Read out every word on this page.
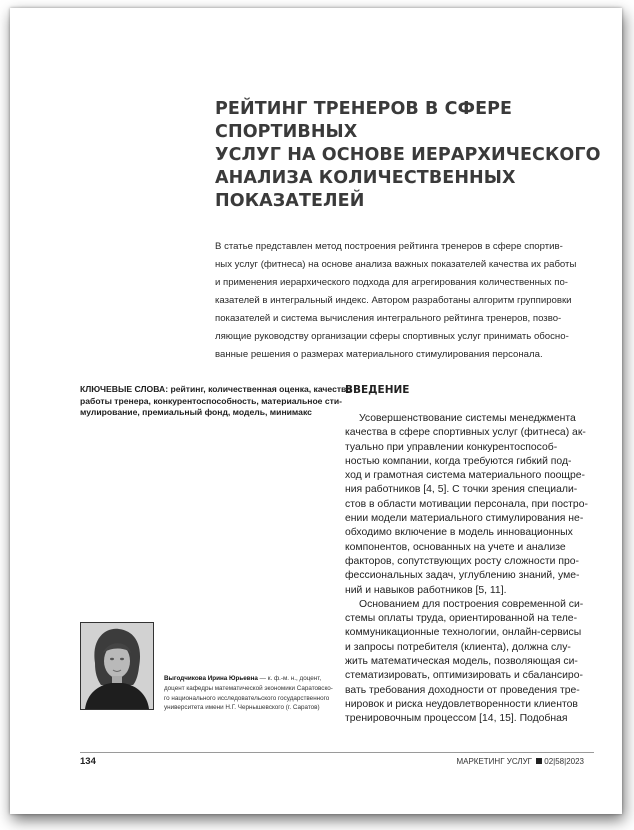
РЕЙТИНГ ТРЕНЕРОВ В СФЕРЕ СПОРТИВНЫХ
УСЛУГ НА ОСНОВЕ ИЕРАРХИЧЕСКОГО
АНАЛИЗА КОЛИЧЕСТВЕННЫХ ПОКАЗАТЕЛЕЙ

В статье представлен метод построения рейтинга тренеров в сфере спортив-
ных услуг (фитнеса) на основе анализа важных показателей качества их работы
и применения иерархического подхода для агрегирования количественных по-
казателей в интегральный индекс. Автором разработаны алгоритм группировки
показателей и система вычисления интегрального рейтинга тренеров, позво-
ляющие руководству организации сферы спортивных услуг принимать обосно-
ванные решения о размерах материального стимулирования персонала.

КЛЮЧЕВЫЕ СЛОВА: рейтинг, количественная оценка, качество
работы тренера, конкурентоспособность, материальное сти-
мулирование, премиальный фонд, модель, минимакс

ВВЕДЕНИЕ
Усовершенствование системы менеджмента
качества в сфере спортивных услуг (фитнеса) ак-
туально при управлении конкурентоспособ-
ностью компании, когда требуются гибкий под-
ход и грамотная система материального поощре-
ния работников [4, 5]. С точки зрения специали-
стов в области мотивации персонала, при постро-
ении модели материального стимулирования не-
обходимо включение в модель инновационных
компонентов, основанных на учете и анализе
факторов, сопутствующих росту сложности про-
фессиональных задач, углублению знаний, уме-
ний и навыков работников [5, 11].
Основанием для построения современной си-
стемы оплаты труда, ориентированной на теле-
коммуникационные технологии, онлайн-сервисы
и запросы потребителя (клиента), должна слу-
жить математическая модель, позволяющая си-
стематизировать, оптимизировать и сбалансиро-
вать требования доходности от проведения тре-
нировок и риска неудовлетворенности клиентов
тренировочным процессом [14, 15]. Подобная
Выгодчикова Ирина Юрьевна — к. ф.-м. н., доцент,
доцент кафедры математической экономики Саратовско-
го национального исследовательского государственного
университета имени Н.Г. Чернышевского (г. Саратов)
134	МАРКЕТИНГ УСЛУГ 02|58|2023
